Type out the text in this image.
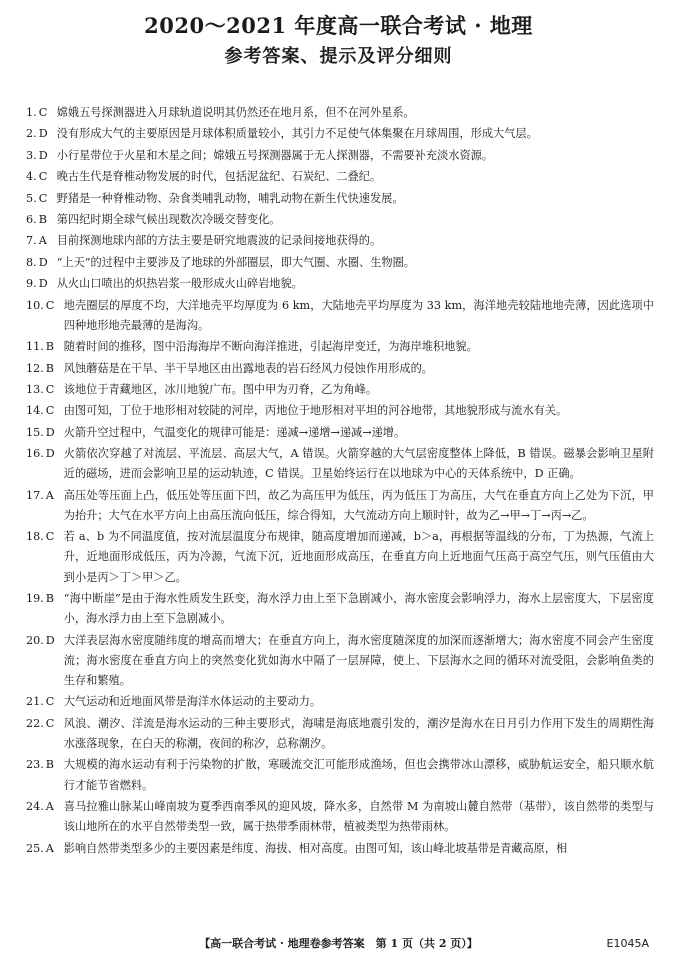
2020～2021 年度高一联合考试 · 地理
参考答案、提示及评分细则
1. C 嫦娥五号探测器进入月球轨道说明其仍然还在地月系，但不在河外星系。
2. D 没有形成大气的主要原因是月球体积质量较小，其引力不足使气体集聚在月球周围，形成大气层。
3. D 小行星带位于火星和木星之间；嫦娥五号探测器属于无人探测器，不需要补充淡水资源。
4. C 晚古生代是脊椎动物发展的时代，包括泥盆纪、石炭纪、二叠纪。
5. C 野猪是一种脊椎动物、杂食类哺乳动物，哺乳动物在新生代快速发展。
6. B 第四纪时期全球气候出现数次冷暖交替变化。
7. A 目前探测地球内部的方法主要是研究地震波的记录间接地获得的。
8. D “上天”的过程中主要涉及了地球的外部圈层，即大气圈、水圈、生物圈。
9. D 从火山口喷出的炽热岩浆一般形成火山碎岩地貌。
10. C 地壳圈层的厚度不均，大洋地壳平均厚度为 6 km，大陆地壳平均厚度为 33 km，海洋地壳较陆地地壳薄，因此选项中四种地形地壳最薄的是海沟。
11. B 随着时间的推移，图中沿海海岸不断向海洋推进，引起海岸变迁，为海岸堆积地貌。
12. B 风蚀蘑菇是在干旱、半干旱地区由出露地表的岩石经风力侵蚀作用形成的。
13. C 该地位于青藏地区，冰川地貌广布。图中甲为刃脊，乙为角峰。
14. C 由图可知，丁位于地形相对较陡的河岸，丙地位于地形相对平坦的河谷地带，其地貌形成与流水有关。
15. D 火箭升空过程中，气温变化的规律可能是：递减→递增→递减→递增。
16. D 火箭依次穿越了对流层、平流层、高层大气，A 错误。火箭穿越的大气层密度整体上降低，B 错误。磁暴会影响卫星附近的磁场，进而会影响卫星的运动轨迹，C 错误。卫星始终运行在以地球为中心的天体系统中，D 正确。
17. A 高压处等压面上凸，低压处等压面下凹，故乙为高压甲为低压，丙为低压丁为高压，大气在垂直方向上乙处为下沉，甲为抬升；大气在水平方向上由高压流向低压，综合得知，大气流动方向上顺时针，故为乙→甲→丁→丙→乙。
18. C 若 a、b 为不同温度值，按对流层温度分布规律，随高度增加而递减，b＞a，再根据等温线的分布，丁为热源，气流上升，近地面形成低压，丙为冷源，气流下沉，近地面形成高压，在垂直方向上近地面气压高于高空气压，则气压值由大到小是丙＞丁＞甲＞乙。
19. B “海中断崖”是由于海水性质发生跃变，海水浮力由上至下急剧减小，海水密度会影响浮力，海水上层密度大，下层密度小，海水浮力由上至下急剧减小。
20. D 大洋表层海水密度随纬度的增高而增大；在垂直方向上，海水密度随深度的加深而逐渐增大；海水密度不同会产生密度流；海水密度在垂直方向上的突然变化犹如海水中隔了一层屏障，使上、下层海水之间的循环对流受阻，会影响鱼类的生存和繁殖。
21. C 大气运动和近地面风带是海洋水体运动的主要动力。
22. C 风浪、潮汐、洋流是海水运动的三种主要形式，海啸是海底地震引发的，潮汐是海水在日月引力作用下发生的周期性海水涨落现象，在白天的称潮，夜间的称汐，总称潮汐。
23. B 大规模的海水运动有利于污染物的扩散，寒暖流交汇可能形成渔场，但也会携带冰山漂移，威胁航运安全，船只顺水航行才能节省燃料。
24. A 喜马拉雅山脉某山峰南坡为夏季西南季风的迎风坡，降水多，自然带 M 为南坡山麓自然带（基带），该自然带的类型与该山地所在的水平自然带类型一致，属于热带季雨林带，植被类型为热带雨林。
25. A 影响自然带类型多少的主要因素是纬度、海拔、相对高度。由图可知，该山峰北坡基带是青藏高原，相
【高一联合考试 · 地理卷参考答案　第 1 页（共 2 页）】	E1045A
